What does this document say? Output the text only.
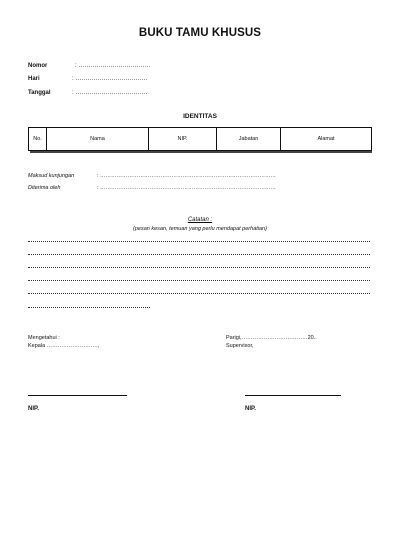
BUKU TAMU KHUSUS
Nomor	: ………………………………
Hari	: ………………………………
Tanggal	: ………………………………
IDENTITAS
No.	Nama	NIP.	Jabatan	Alamat
Maksud kunjungan	: ……………………………………………………………………………………
Diterima oleh	: ……………………………………………………………………………………
Catatan :
(pesan kesan, temuan yang perlu mendapat perhatian)
Mengetahui :
Kepala ……………………….,
Parigi,………………………………20..
Supervisor,
NIP.	NIP.
